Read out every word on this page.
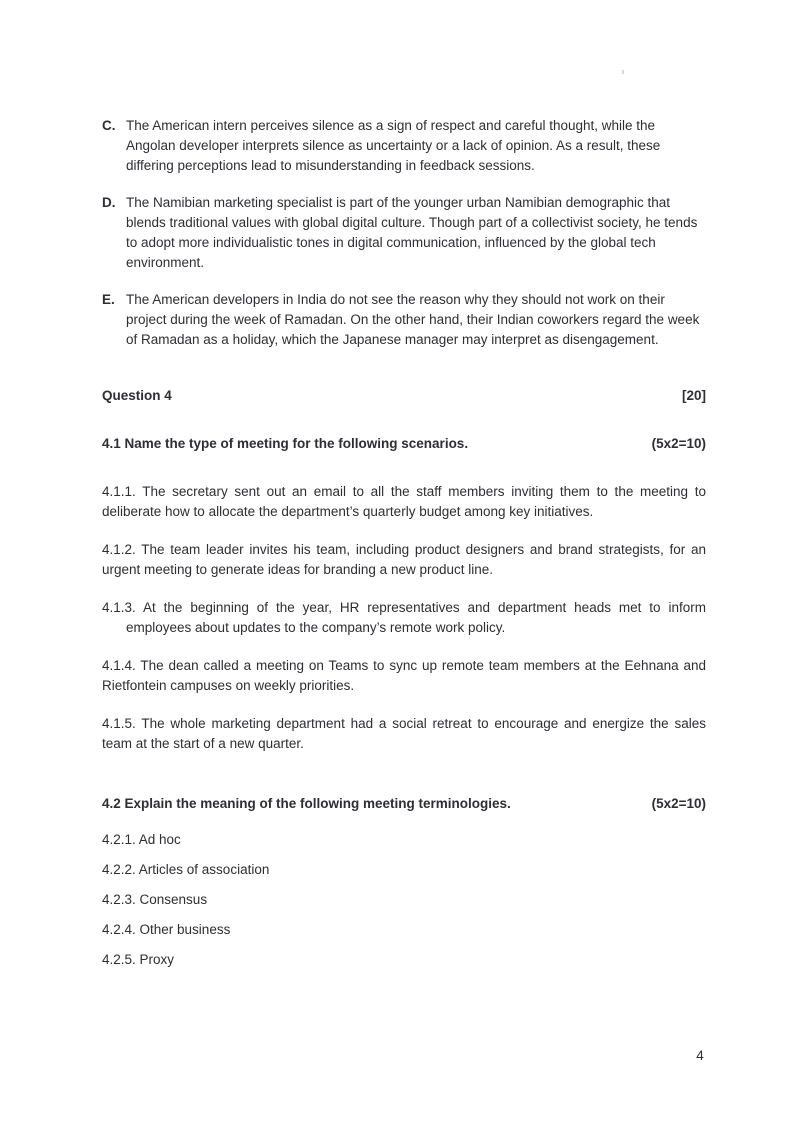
C. The American intern perceives silence as a sign of respect and careful thought, while the Angolan developer interprets silence as uncertainty or a lack of opinion. As a result, these differing perceptions lead to misunderstanding in feedback sessions.
D. The Namibian marketing specialist is part of the younger urban Namibian demographic that blends traditional values with global digital culture. Though part of a collectivist society, he tends to adopt more individualistic tones in digital communication, influenced by the global tech environment.
E. The American developers in India do not see the reason why they should not work on their project during the week of Ramadan. On the other hand, their Indian coworkers regard the week of Ramadan as a holiday, which the Japanese manager may interpret as disengagement.
Question 4	[20]
4.1 Name the type of meeting for the following scenarios.	(5x2=10)

4.1.1. The secretary sent out an email to all the staff members inviting them to the meeting to deliberate how to allocate the department’s quarterly budget among key initiatives.

4.1.2. The team leader invites his team, including product designers and brand strategists, for an urgent meeting to generate ideas for branding a new product line.

4.1.3. At the beginning of the year, HR representatives and department heads met to inform employees about updates to the company’s remote work policy.

4.1.4. The dean called a meeting on Teams to sync up remote team members at the Eehnana and Rietfontein campuses on weekly priorities.

4.1.5. The whole marketing department had a social retreat to encourage and energize the sales team at the start of a new quarter.

4.2 Explain the meaning of the following meeting terminologies.	(5x2=10)

4.2.1. Ad hoc

4.2.2. Articles of association

4.2.3. Consensus

4.2.4. Other business

4.2.5. Proxy

4
